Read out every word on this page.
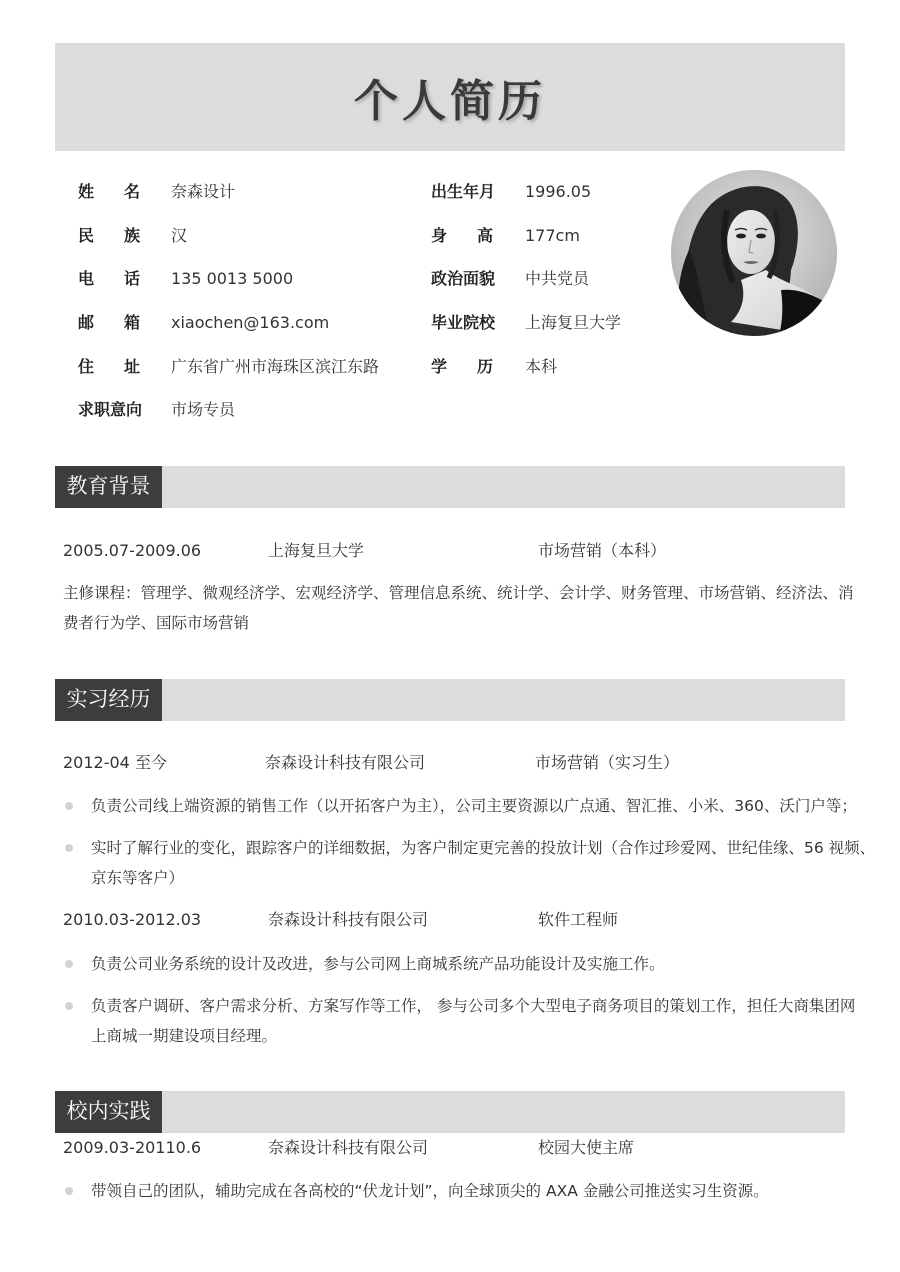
个人简历
姓 名 奈森设计
民 族 汉
电 话 135 0013 5000
邮 箱 xiaochen@163.com
住 址 广东省广州市海珠区滨江东路
求职意向 市场专员
出生年月 1996.05
身 高 177cm
政治面貌 中共党员
毕业院校 上海复旦大学
学 历 本科
教育背景
2005.07-2009.06	上海复旦大学	市场营销（本科）
主修课程：管理学、微观经济学、宏观经济学、管理信息系统、统计学、会计学、财务管理、市场营销、经济法、消
费者行为学、国际市场营销
实习经历
2012-04 至今	奈森设计科技有限公司	市场营销（实习生）
负责公司线上端资源的销售工作（以开拓客户为主），公司主要资源以广点通、智汇推、小米、360、沃门户等；
实时了解行业的变化，跟踪客户的详细数据，为客户制定更完善的投放计划（合作过珍爱网、世纪佳缘、56 视频、
京东等客户）
2010.03-2012.03	奈森设计科技有限公司	软件工程师
负责公司业务系统的设计及改进，参与公司网上商城系统产品功能设计及实施工作。
负责客户调研、客户需求分析、方案写作等工作， 参与公司多个大型电子商务项目的策划工作，担任大商集团网
上商城一期建设项目经理。
校内实践
2009.03-20110.6	奈森设计科技有限公司	校园大使主席
带领自己的团队，辅助完成在各高校的“伏龙计划”，向全球顶尖的 AXA 金融公司推送实习生资源。
